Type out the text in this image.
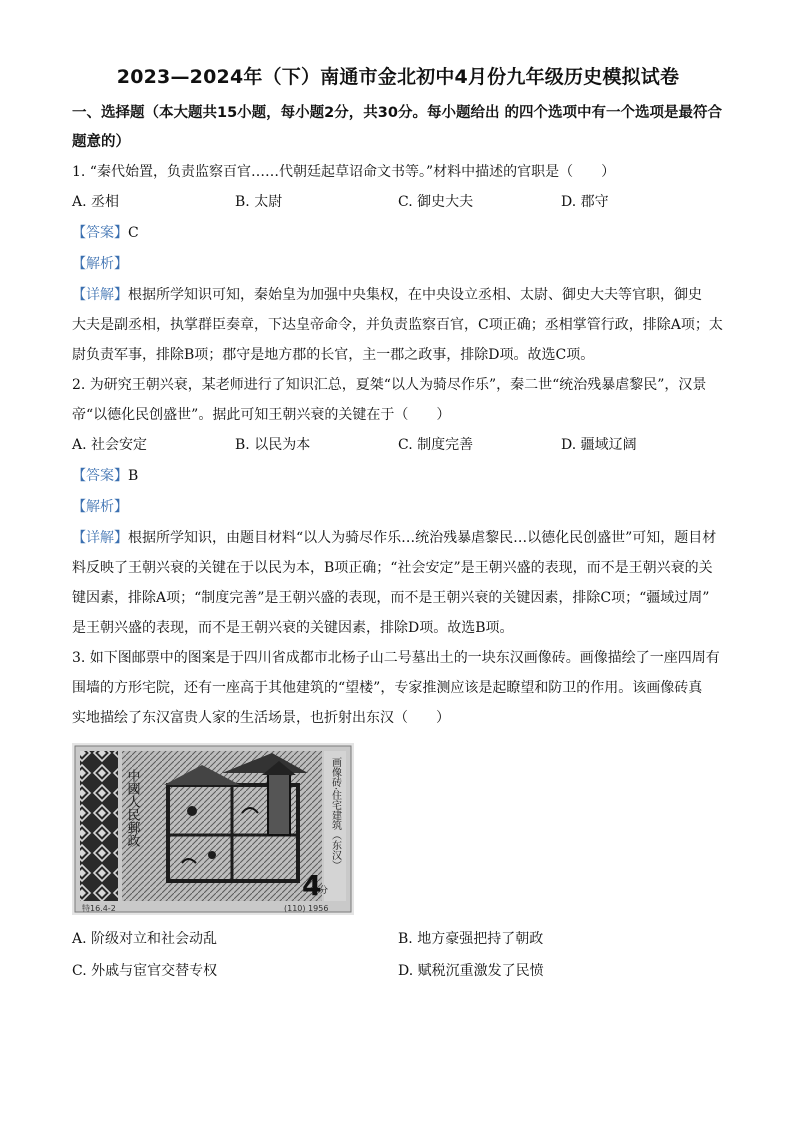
2023—2024年（下）南通市金北初中4月份九年级历史模拟试卷

一、选择题（本大题共15小题，每小题2分，共30分。每小题给出 的四个选项中有一个选项是最符合题意的）

1. “秦代始置，负责监察百官……代朝廷起草诏命文书等。”材料中描述的官职是（　　）

A. 丞相	B. 太尉	C. 御史大夫	D. 郡守

【答案】C

【解析】

【详解】根据所学知识可知，秦始皇为加强中央集权，在中央设立丞相、太尉、御史大夫等官职，御史

大夫是副丞相，执掌群臣奏章，下达皇帝命令，并负责监察百官，C项正确；丞相掌管行政，排除A项；太

尉负责军事，排除B项；郡守是地方郡的长官，主一郡之政事，排除D项。故选C项。

2. 为研究王朝兴衰，某老师进行了知识汇总，夏桀“以人为骑尽作乐”，秦二世“统治残暴虐黎民”，汉景

帝“以德化民创盛世”。据此可知王朝兴衰的关键在于（　　）

A. 社会安定	B. 以民为本	C. 制度完善	D. 疆域辽阔

【答案】B

【解析】

【详解】根据所学知识，由题目材料“以人为骑尽作乐…统治残暴虐黎民…以德化民创盛世”可知，题目材

料反映了王朝兴衰的关键在于以民为本，B项正确；“社会安定”是王朝兴盛的表现，而不是王朝兴衰的关

键因素，排除A项；“制度完善”是王朝兴盛的表现，而不是王朝兴衰的关键因素，排除C项；“疆域过周”

是王朝兴盛的表现，而不是王朝兴衰的关键因素，排除D项。故选B项。

3. 如下图邮票中的图案是于四川省成都市北杨子山二号墓出土的一块东汉画像砖。画像描绘了一座四周有

围墙的方形宅院，还有一座高于其他建筑的“望楼”，专家推测应该是起瞭望和防卫的作用。该画像砖真

实地描绘了东汉富贵人家的生活场景，也折射出东汉（　　）

中國人民郵政	画像砖·住宅建筑（东汉）
4
分
特16.4-2	(110) 1956
A. 阶级对立和社会动乱	B. 地方豪强把持了朝政
C. 外戚与宦官交替专权	D. 赋税沉重激发了民愤
